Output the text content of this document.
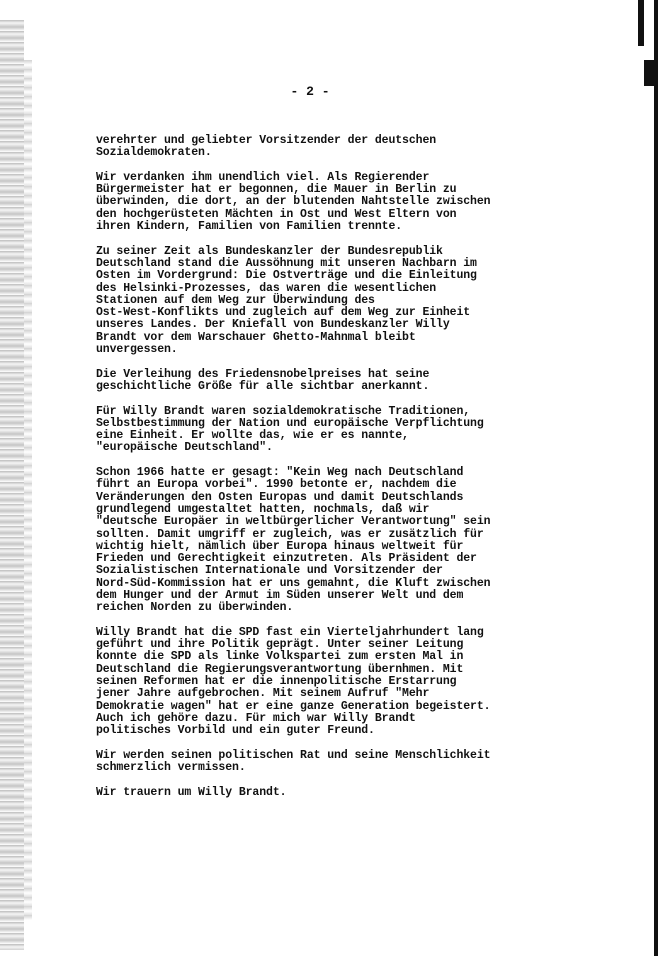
- 2 -

verehrter und geliebter Vorsitzender der deutschen
Sozialdemokraten.

Wir verdanken ihm unendlich viel. Als Regierender
Bürgermeister hat er begonnen, die Mauer in Berlin zu
überwinden, die dort, an der blutenden Nahtstelle zwischen
den hochgerüsteten Mächten in Ost und West Eltern von
ihren Kindern, Familien von Familien trennte.

Zu seiner Zeit als Bundeskanzler der Bundesrepublik
Deutschland stand die Aussöhnung mit unseren Nachbarn im
Osten im Vordergrund: Die Ostverträge und die Einleitung
des Helsinki-Prozesses, das waren die wesentlichen
Stationen auf dem Weg zur Überwindung des
Ost-West-Konflikts und zugleich auf dem Weg zur Einheit
unseres Landes. Der Kniefall von Bundeskanzler Willy
Brandt vor dem Warschauer Ghetto-Mahnmal bleibt
unvergessen.

Die Verleihung des Friedensnobelpreises hat seine
geschichtliche Größe für alle sichtbar anerkannt.

Für Willy Brandt waren sozialdemokratische Traditionen,
Selbstbestimmung der Nation und europäische Verpflichtung
eine Einheit. Er wollte das, wie er es nannte,
"europäische Deutschland".

Schon 1966 hatte er gesagt: "Kein Weg nach Deutschland
führt an Europa vorbei". 1990 betonte er, nachdem die
Veränderungen den Osten Europas und damit Deutschlands
grundlegend umgestaltet hatten, nochmals, daß wir
"deutsche Europäer in weltbürgerlicher Verantwortung" sein
sollten. Damit umgriff er zugleich, was er zusätzlich für
wichtig hielt, nämlich über Europa hinaus weltweit für
Frieden und Gerechtigkeit einzutreten. Als Präsident der
Sozialistischen Internationale und Vorsitzender der
Nord-Süd-Kommission hat er uns gemahnt, die Kluft zwischen
dem Hunger und der Armut im Süden unserer Welt und dem
reichen Norden zu überwinden.

Willy Brandt hat die SPD fast ein Vierteljahrhundert lang
geführt und ihre Politik geprägt. Unter seiner Leitung
konnte die SPD als linke Volkspartei zum ersten Mal in
Deutschland die Regierungsverantwortung übernhmen. Mit
seinen Reformen hat er die innenpolitische Erstarrung
jener Jahre aufgebrochen. Mit seinem Aufruf "Mehr
Demokratie wagen" hat er eine ganze Generation begeistert.
Auch ich gehöre dazu. Für mich war Willy Brandt
politisches Vorbild und ein guter Freund.

Wir werden seinen politischen Rat und seine Menschlichkeit
schmerzlich vermissen.

Wir trauern um Willy Brandt.
